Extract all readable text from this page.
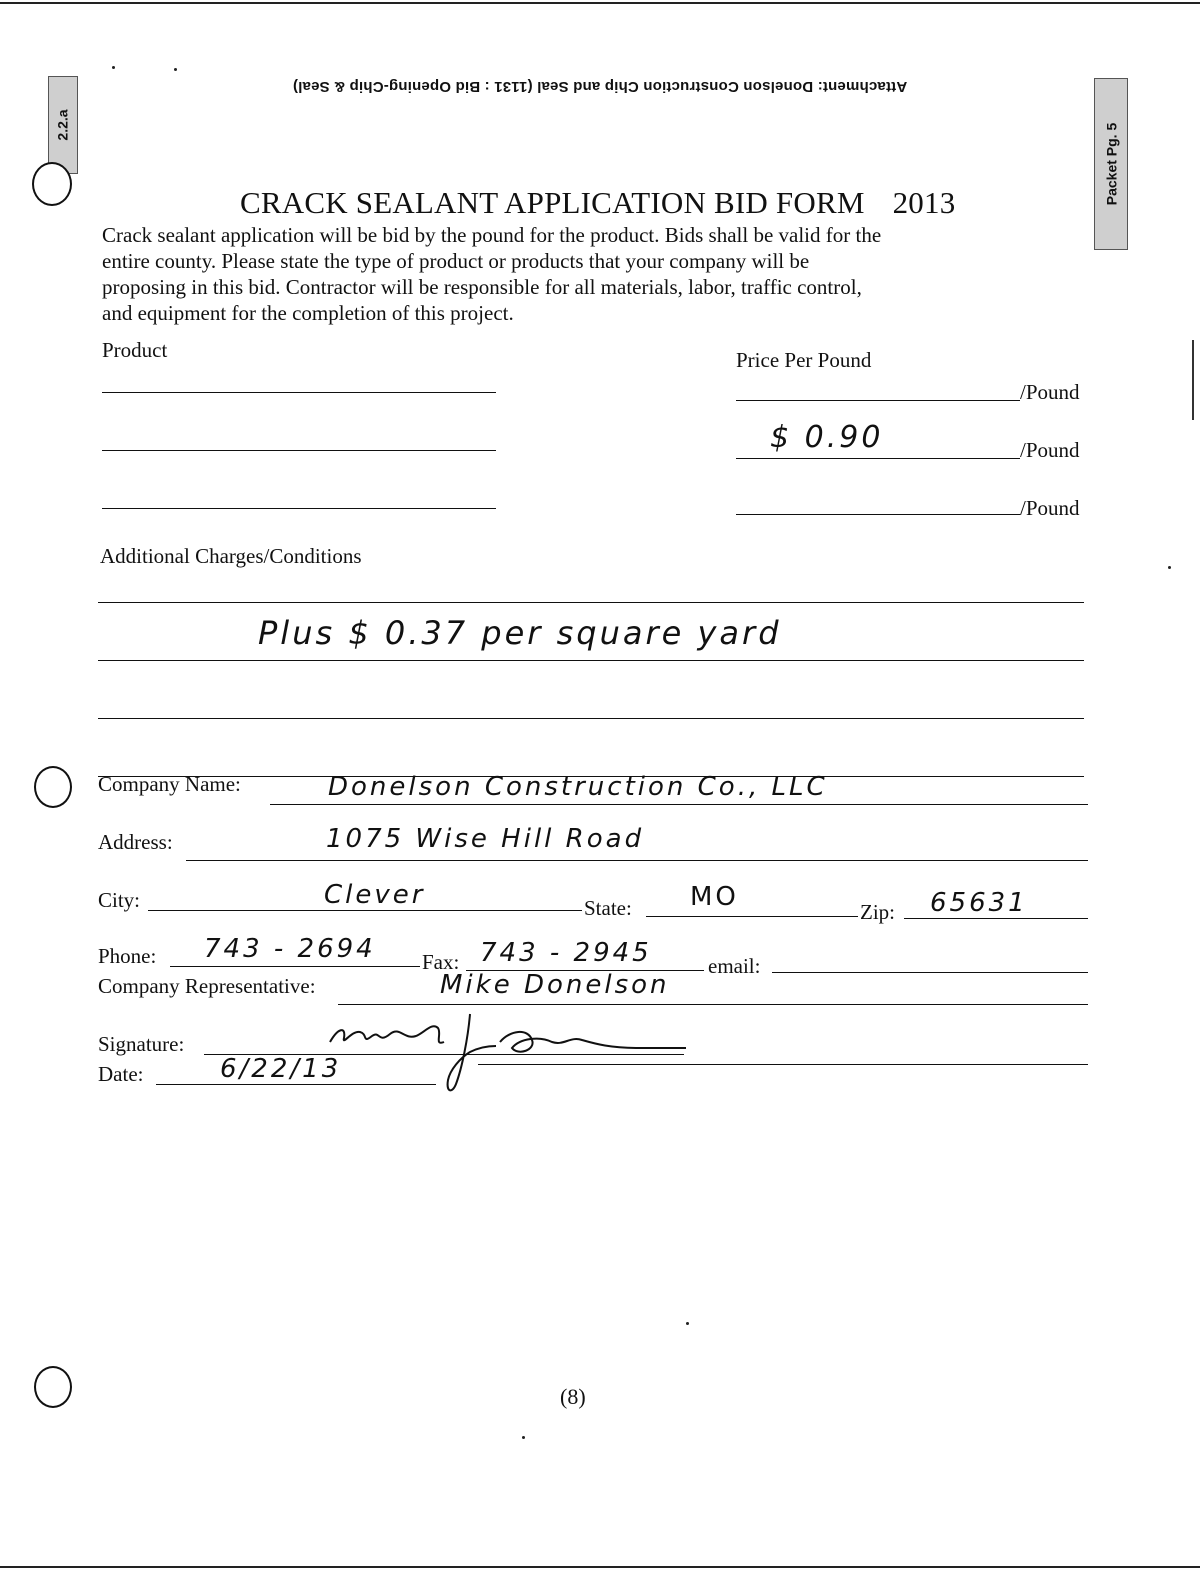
Attachment: Donelson Construction Chip and Seal (1131 : Bid Opening-Chip & Seal)
2.2.a	Packet Pg. 5
CRACK SEALANT APPLICATION BID FORM 2013
Crack sealant application will be bid by the pound for the product. Bids shall be valid for the
entire county. Please state the type of product or products that your company will be
proposing in this bid. Contractor will be responsible for all materials, labor, traffic control,
and equipment for the completion of this project.
Product	Price Per Pound
/Pound
$ 0.90	/Pound
/Pound
Additional Charges/Conditions
Plus $ 0.37 per square yard
Company Name:	Donelson Construction Co., LLC
Address:	1075 Wise Hill Road
City:	Clever	State: MO	Zip: 65631
Phone: 743 - 2694 Fax: 743 - 2945	email:
Company Representative:	Mike Donelson
Signature:
Date:	6/22/13
(8)
